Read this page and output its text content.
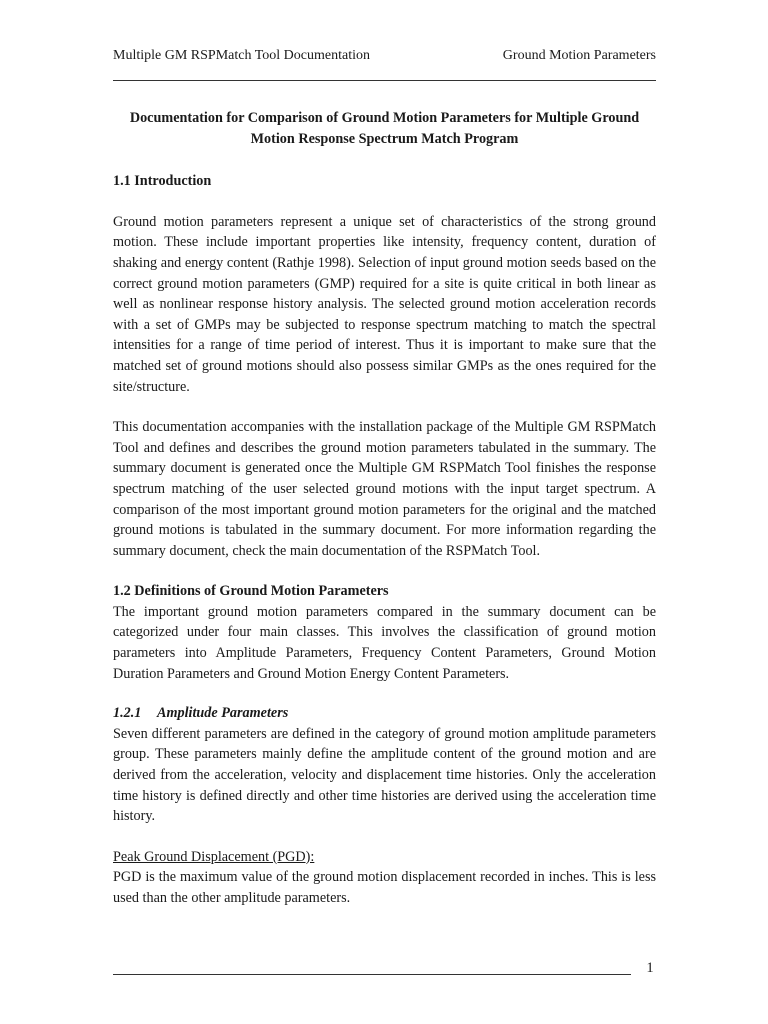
Multiple GM RSPMatch Tool Documentation	Ground Motion Parameters

Documentation for Comparison of Ground Motion Parameters for Multiple Ground Motion Response Spectrum Match Program

1.1 Introduction

Ground motion parameters represent a unique set of characteristics of the strong ground motion. These include important properties like intensity, frequency content, duration of shaking and energy content (Rathje 1998). Selection of input ground motion seeds based on the correct ground motion parameters (GMP) required for a site is quite critical in both linear as well as nonlinear response history analysis. The selected ground motion acceleration records with a set of GMPs may be subjected to response spectrum matching to match the spectral intensities for a range of time period of interest. Thus it is important to make sure that the matched set of ground motions should also possess similar GMPs as the ones required for the site/structure.

This documentation accompanies with the installation package of the Multiple GM RSPMatch Tool and defines and describes the ground motion parameters tabulated in the summary. The summary document is generated once the Multiple GM RSPMatch Tool finishes the response spectrum matching of the user selected ground motions with the input target spectrum. A comparison of the most important ground motion parameters for the original and the matched ground motions is tabulated in the summary document. For more information regarding the summary document, check the main documentation of the RSPMatch Tool.

1.2 Definitions of Ground Motion Parameters

The important ground motion parameters compared in the summary document can be categorized under four main classes. This involves the classification of ground motion parameters into Amplitude Parameters, Frequency Content Parameters, Ground Motion Duration Parameters and Ground Motion Energy Content Parameters.

1.2.1 Amplitude Parameters

Seven different parameters are defined in the category of ground motion amplitude parameters group. These parameters mainly define the amplitude content of the ground motion and are derived from the acceleration, velocity and displacement time histories. Only the acceleration time history is defined directly and other time histories are derived using the acceleration time history.

Peak Ground Displacement (PGD):

PGD is the maximum value of the ground motion displacement recorded in inches. This is less used than the other amplitude parameters.

1
